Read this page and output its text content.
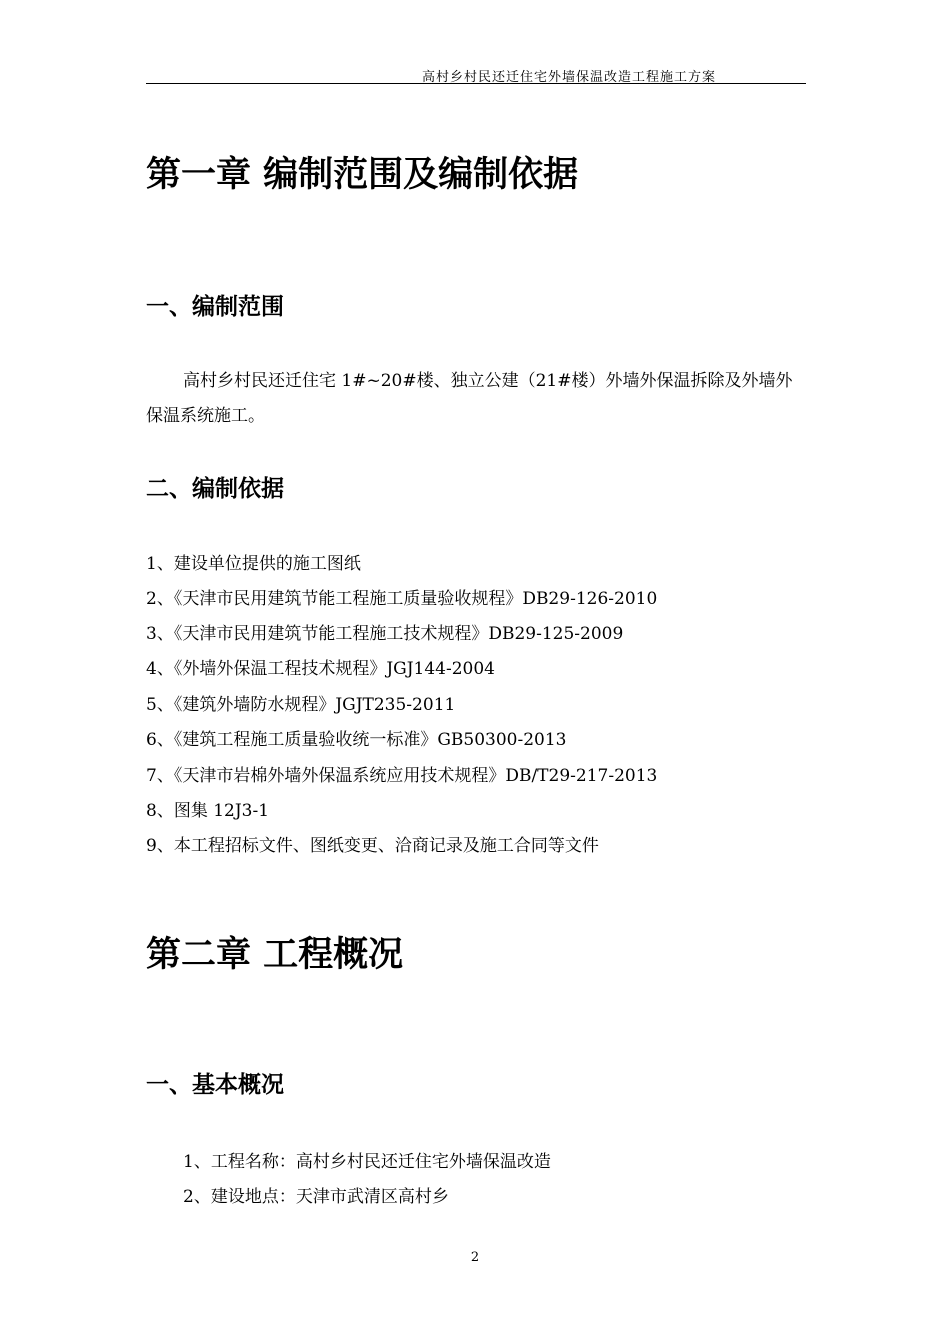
高村乡村民还迁住宅外墙保温改造工程施工方案
第一章 编制范围及编制依据
一、编制范围
高村乡村民还迁住宅 1#~20#楼、独立公建（21#楼）外墙外保温拆除及外墙外保温系统施工。
二、编制依据
1、建设单位提供的施工图纸
2、《天津市民用建筑节能工程施工质量验收规程》DB29-126-2010
3、《天津市民用建筑节能工程施工技术规程》DB29-125-2009
4、《外墙外保温工程技术规程》JGJ144-2004
5、《建筑外墙防水规程》JGJT235-2011
6、《建筑工程施工质量验收统一标准》GB50300-2013
7、《天津市岩棉外墙外保温系统应用技术规程》DB/T29-217-2013
8、图集 12J3-1
9、本工程招标文件、图纸变更、洽商记录及施工合同等文件
第二章 工程概况
一、基本概况
1、工程名称：高村乡村民还迁住宅外墙保温改造
2、建设地点：天津市武清区高村乡
2
